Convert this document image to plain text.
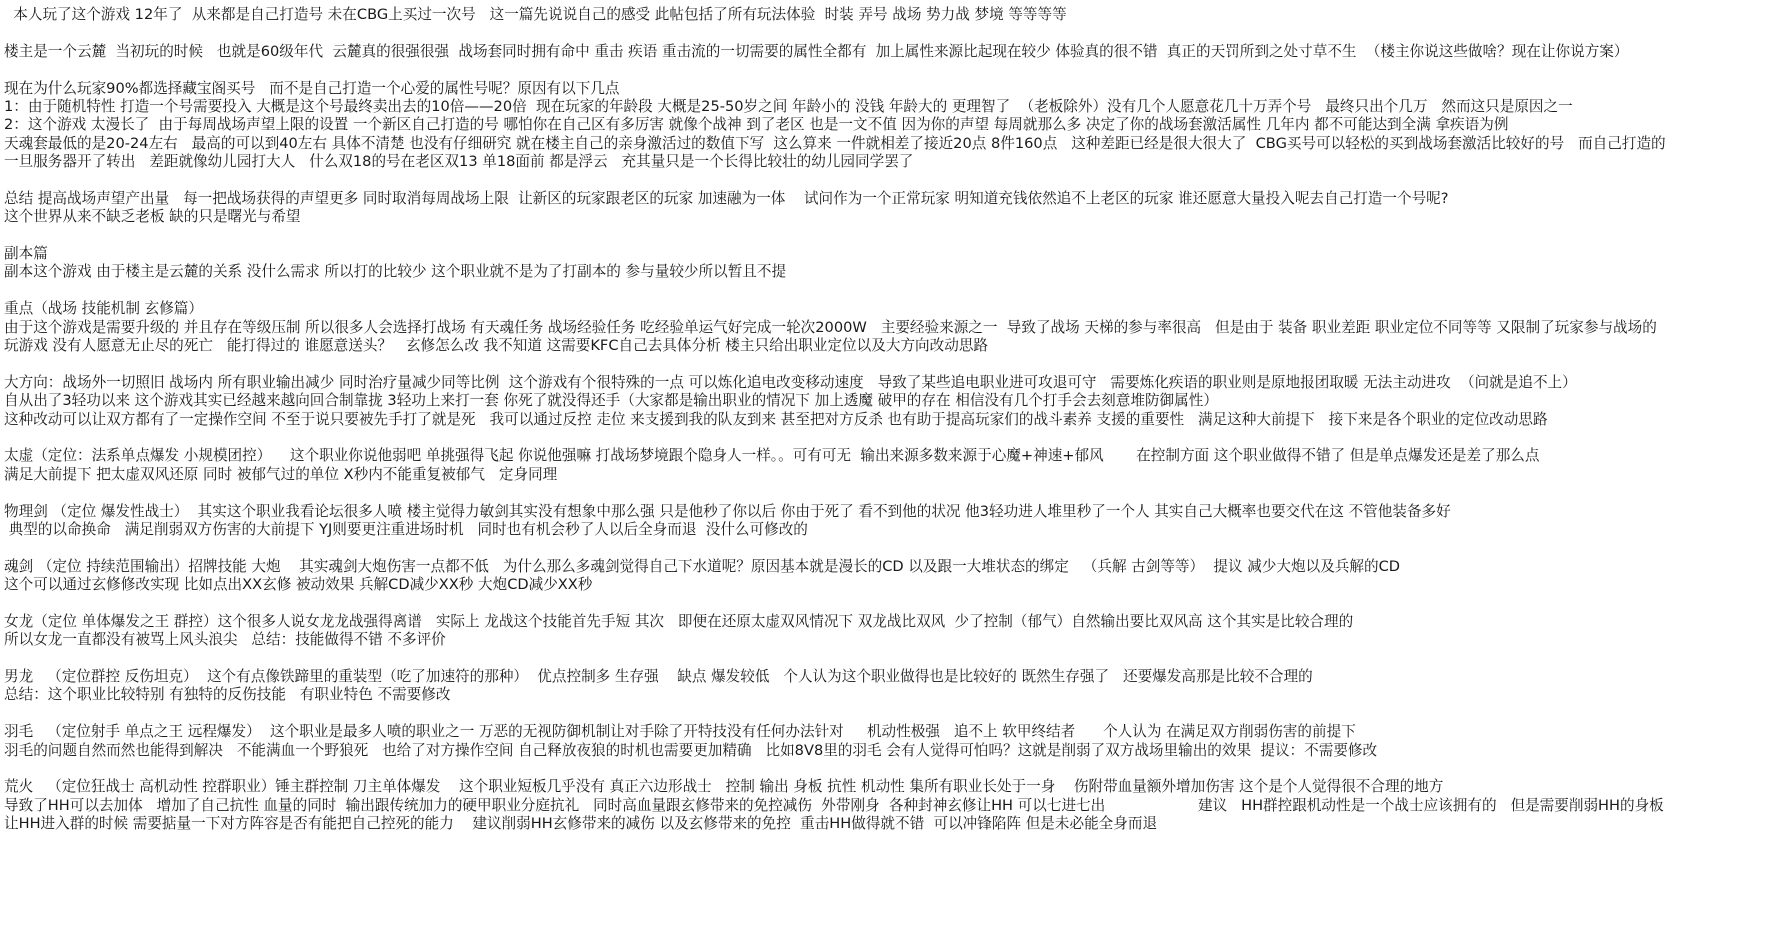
本人玩了这个游戏 12年了  从来都是自己打造号 未在CBG上买过一次号   这一篇先说说自己的感受 此帖包括了所有玩法体验  时装 弄号 战场 势力战 梦境 等等等等
楼主是一个云麓  当初玩的时候   也就是60级年代  云麓真的很强很强  战场套同时拥有命中 重击 疾语 重击流的一切需要的属性全都有  加上属性来源比起现在较少 体验真的很不错  真正的天罚所到之处寸草不生  （楼主你说这些做啥？现在让你说方案）
现在为什么玩家90%都选择藏宝阁买号   而不是自己打造一个心爱的属性号呢？原因有以下几点
1：由于随机特性 打造一个号需要投入 大概是这个号最终卖出去的10倍——20倍  现在玩家的年龄段 大概是25-50岁之间 年龄小的 没钱 年龄大的 更理智了  （老板除外）没有几个人愿意花几十万弄个号   最终只出个几万   然而这只是原因之一
2：这个游戏 太漫长了  由于每周战场声望上限的设置 一个新区自己打造的号 哪怕你在自己区有多厉害 就像个战神 到了老区 也是一文不值 因为你的声望 每周就那么多 决定了你的战场套激活属性 几年内 都不可能达到全满 拿疾语为例
天魂套最低的是20-24左右   最高的可以到40左右 具体不清楚 也没有仔细研究 就在楼主自己的亲身激活过的数值下写  这么算来 一件就相差了接近20点 8件160点   这种差距已经是很大很大了  CBG买号可以轻松的买到战场套激活比较好的号   而自己打造的
一旦服务器开了转出   差距就像幼儿园打大人   什么双18的号在老区双13 单18面前 都是浮云   充其量只是一个长得比较壮的幼儿园同学罢了
总结 提高战场声望产出量   每一把战场获得的声望更多 同时取消每周战场上限  让新区的玩家跟老区的玩家 加速融为一体    试问作为一个正常玩家 明知道充钱依然追不上老区的玩家 谁还愿意大量投入呢去自己打造一个号呢?
这个世界从来不缺乏老板 缺的只是曙光与希望
副本篇
副本这个游戏 由于楼主是云麓的关系 没什么需求 所以打的比较少 这个职业就不是为了打副本的 参与量较少所以暂且不提
重点（战场 技能机制 玄修篇）
由于这个游戏是需要升级的 并且存在等级压制 所以很多人会选择打战场 有天魂任务 战场经验任务 吃经验单运气好完成一轮次2000W   主要经验来源之一  导致了战场 天梯的参与率很高   但是由于 装备 职业差距 职业定位不同等等 又限制了玩家参与战场的
玩游戏 没有人愿意无止尽的死亡   能打得过的 谁愿意送头？   玄修怎么改 我不知道 这需要KFC自己去具体分析 楼主只给出职业定位以及大方向改动思路
大方向：战场外一切照旧 战场内 所有职业输出减少 同时治疗量减少同等比例  这个游戏有个很特殊的一点 可以炼化追电改变移动速度   导致了某些追电职业进可攻退可守   需要炼化疾语的职业则是原地报团取暖 无法主动进攻  （问就是追不上）
自从出了3轻功以来 这个游戏其实已经越来越向回合制靠拢 3轻功上来打一套 你死了就没得还手（大家都是输出职业的情况下 加上透魔 破甲的存在 相信没有几个打手会去刻意堆防御属性）
这种改动可以让双方都有了一定操作空间 不至于说只要被先手打了就是死   我可以通过反控 走位 来支援到我的队友到来 甚至把对方反杀 也有助于提高玩家们的战斗素养 支援的重要性   满足这种大前提下   接下来是各个职业的定位改动思路
太虚（定位：法系单点爆发 小规模团控）    这个职业你说他弱吧 单挑强得飞起 你说他强嘛 打战场梦境跟个隐身人一样。。可有可无  输出来源多数来源于心魔+神速+郁风       在控制方面 这个职业做得不错了 但是单点爆发还是差了那么点
满足大前提下 把太虚双风还原 同时 被郁气过的单位 X秒内不能重复被郁气   定身同理
物理剑 （定位 爆发性战士）  其实这个职业我看论坛很多人喷 楼主觉得力敏剑其实没有想象中那么强 只是他秒了你以后 你由于死了 看不到他的状况 他3轻功进人堆里秒了一个人 其实自己大概率也要交代在这 不管他装备多好
典型的以命换命   满足削弱双方伤害的大前提下 YJ则要更注重进场时机   同时也有机会秒了人以后全身而退  没什么可修改的
魂剑 （定位 持续范围输出）招牌技能 大炮    其实魂剑大炮伤害一点都不低   为什么那么多魂剑觉得自己下水道呢？原因基本就是漫长的CD 以及跟一大堆状态的绑定   （兵解 古剑等等）  提议 减少大炮以及兵解的CD
这个可以通过玄修修改实现 比如点出XX玄修 被动效果 兵解CD减少XX秒 大炮CD减少XX秒
女龙（定位 单体爆发之王 群控）这个很多人说女龙龙战强得离谱   实际上 龙战这个技能首先手短 其次   即便在还原太虚双风情况下 双龙战比双风  少了控制（郁气）自然输出要比双风高 这个其实是比较合理的
所以女龙一直都没有被骂上风头浪尖   总结：技能做得不错 不多评价
男龙   （定位群控 反伤坦克）  这个有点像铁蹄里的重装型（吃了加速符的那种）  优点控制多 生存强    缺点 爆发较低   个人认为这个职业做得也是比较好的 既然生存强了   还要爆发高那是比较不合理的
总结：这个职业比较特别 有独特的反伤技能   有职业特色 不需要修改
羽毛   （定位射手 单点之王 远程爆发）  这个职业是最多人喷的职业之一 万恶的无视防御机制让对手除了开特技没有任何办法针对     机动性极强   追不上 软甲终结者      个人认为 在满足双方削弱伤害的前提下
羽毛的问题自然而然也能得到解决   不能满血一个野狼死   也给了对方操作空间 自己释放夜狼的时机也需要更加精确   比如8V8里的羽毛 会有人觉得可怕吗？这就是削弱了双方战场里输出的效果  提议：不需要修改
荒火   （定位狂战士 高机动性 控群职业）锤主群控制 刀主单体爆发    这个职业短板几乎没有 真正六边形战士   控制 输出 身板 抗性 机动性 集所有职业长处于一身    伤附带血量额外增加伤害 这个是个人觉得很不合理的地方
导致了HH可以去加体   增加了自己抗性 血量的同时  输出跟传统加力的硬甲职业分庭抗礼   同时高血量跟玄修带来的免控减伤  外带刚身  各种封神玄修让HH 可以七进七出                    建议   HH群控跟机动性是一个战士应该拥有的   但是需要削弱HH的身板
让HH进入群的时候 需要掂量一下对方阵容是否有能把自己控死的能力    建议削弱HH玄修带来的减伤 以及玄修带来的免控  重击HH做得就不错  可以冲锋陷阵 但是未必能全身而退
